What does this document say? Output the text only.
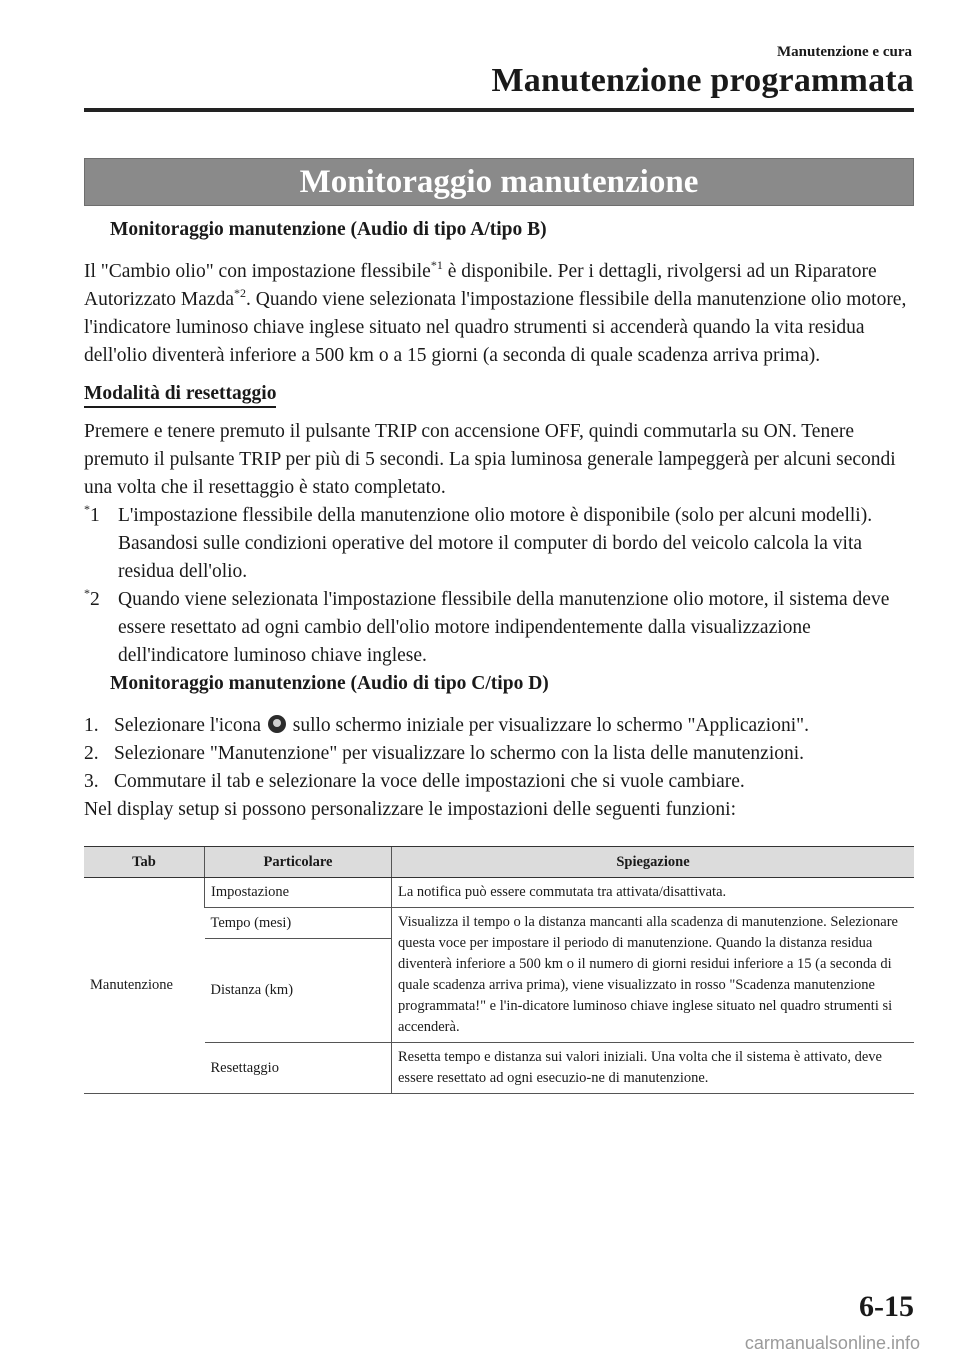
Manutenzione e cura
Manutenzione programmata
Monitoraggio manutenzione
Monitoraggio manutenzione (Audio di tipo A/tipo B)

Il "Cambio olio" con impostazione flessibile$^{*1}$ è disponibile. Per i dettagli, rivolgersi ad un Riparatore Autorizzato Mazda$^{*2}$. Quando viene selezionata l'impostazione flessibile della manutenzione olio motore, l'indicatore luminoso chiave inglese situato nel quadro strumenti si accenderà quando la vita residua dell'olio diventerà inferiore a 500 km o a 15 giorni (a seconda di quale scadenza arriva prima).

Modalità di resettaggio

Premere e tenere premuto il pulsante TRIP con accensione OFF, quindi commutarla su ON. Tenere premuto il pulsante TRIP per più di 5 secondi. La spia luminosa generale lampeggerà per alcuni secondi una volta che il resettaggio è stato completato.

*1 L'impostazione flessibile della manutenzione olio motore è disponibile (solo per alcuni modelli). Basandosi sulle condizioni operative del motore il computer di bordo del veicolo calcola la vita residua dell'olio.
*2 Quando viene selezionata l'impostazione flessibile della manutenzione olio motore, il sistema deve essere resettato ad ogni cambio dell'olio motore indipendentemente dalla visualizzazione dell'indicatore luminoso chiave inglese.
Monitoraggio manutenzione (Audio di tipo C/tipo D)
1. Selezionare l'icona sullo schermo iniziale per visualizzare lo schermo "Applicazioni".
2. Selezionare "Manutenzione" per visualizzare lo schermo con la lista delle manutenzioni.
3. Commutare il tab e selezionare la voce delle impostazioni che si vuole cambiare.

Nel display setup si possono personalizzare le impostazioni delle seguenti funzioni:

Tab	Particolare	Spiegazione
Manutenzione	Impostazione	La notifica può essere commutata tra attivata/disattivata.
	Tempo (mesi)	Visualizza il tempo o la distanza mancanti alla scadenza di manutenzione. Selezionare questa voce per impostare il periodo di manutenzione. Quando la distanza residua diventerà inferiore a 500 km o il numero di giorni residui inferiore a 15 (a seconda di quale scadenza arriva prima), viene visualizzato in rosso "Scadenza manutenzione programmata!" e l'in-dicatore luminoso chiave inglese situato nel quadro strumenti si accenderà.
	Distanza (km)	
	Resettaggio	Resetta tempo e distanza sui valori iniziali. Una volta che il sistema è attivato, deve essere resettato ad ogni esecuzio-ne di manutenzione.
6-15
carmanualsonline.info
